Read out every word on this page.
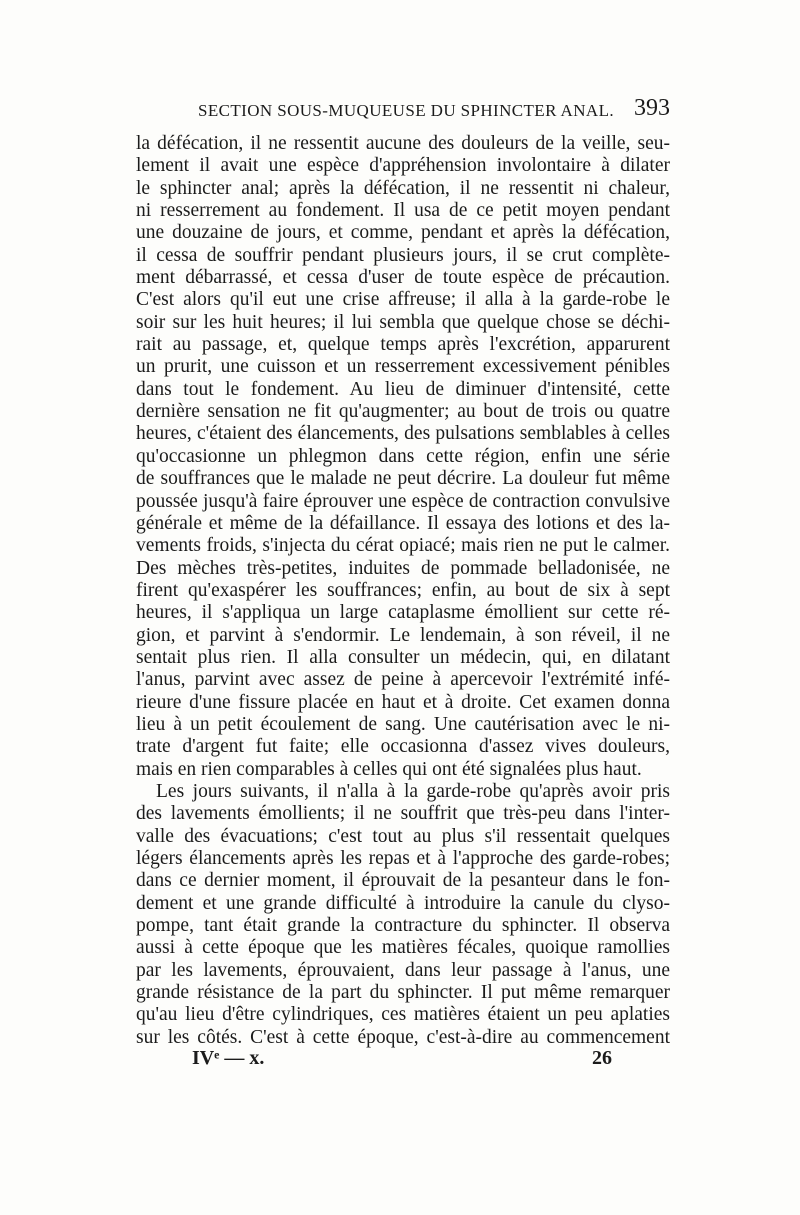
SECTION SOUS-MUQUEUSE DU SPHINCTER ANAL. 393
la défécation, il ne ressentit aucune des douleurs de la veille, seu-
lement il avait une espèce d'appréhension involontaire à dilater
le sphincter anal; après la défécation, il ne ressentit ni chaleur,
ni resserrement au fondement. Il usa de ce petit moyen pendant
une douzaine de jours, et comme, pendant et après la défécation,
il cessa de souffrir pendant plusieurs jours, il se crut complète-
ment débarrassé, et cessa d'user de toute espèce de précaution.
C'est alors qu'il eut une crise affreuse; il alla à la garde-robe le
soir sur les huit heures; il lui sembla que quelque chose se déchi-
rait au passage, et, quelque temps après l'excrétion, apparurent
un prurit, une cuisson et un resserrement excessivement pénibles
dans tout le fondement. Au lieu de diminuer d'intensité, cette
dernière sensation ne fit qu'augmenter; au bout de trois ou quatre
heures, c'étaient des élancements, des pulsations semblables à celles
qu'occasionne un phlegmon dans cette région, enfin une série
de souffrances que le malade ne peut décrire. La douleur fut même
poussée jusqu'à faire éprouver une espèce de contraction convulsive
générale et même de la défaillance. Il essaya des lotions et des la-
vements froids, s'injecta du cérat opiacé; mais rien ne put le calmer.
Des mèches très-petites, induites de pommade belladonisée, ne
firent qu'exaspérer les souffrances; enfin, au bout de six à sept
heures, il s'appliqua un large cataplasme émollient sur cette ré-
gion, et parvint à s'endormir. Le lendemain, à son réveil, il ne
sentait plus rien. Il alla consulter un médecin, qui, en dilatant
l'anus, parvint avec assez de peine à apercevoir l'extrémité infé-
rieure d'une fissure placée en haut et à droite. Cet examen donna
lieu à un petit écoulement de sang. Une cautérisation avec le ni-
trate d'argent fut faite; elle occasionna d'assez vives douleurs,
mais en rien comparables à celles qui ont été signalées plus haut.
Les jours suivants, il n'alla à la garde-robe qu'après avoir pris
des lavements émollients; il ne souffrit que très-peu dans l'inter-
valle des évacuations; c'est tout au plus s'il ressentait quelques
légers élancements après les repas et à l'approche des garde-robes;
dans ce dernier moment, il éprouvait de la pesanteur dans le fon-
dement et une grande difficulté à introduire la canule du clyso-
pompe, tant était grande la contracture du sphincter. Il observa
aussi à cette époque que les matières fécales, quoique ramollies
par les lavements, éprouvaient, dans leur passage à l'anus, une
grande résistance de la part du sphincter. Il put même remarquer
qu'au lieu d'être cylindriques, ces matières étaient un peu aplaties
sur les côtés. C'est à cette époque, c'est-à-dire au commencement
IVᵉ — x.	26
